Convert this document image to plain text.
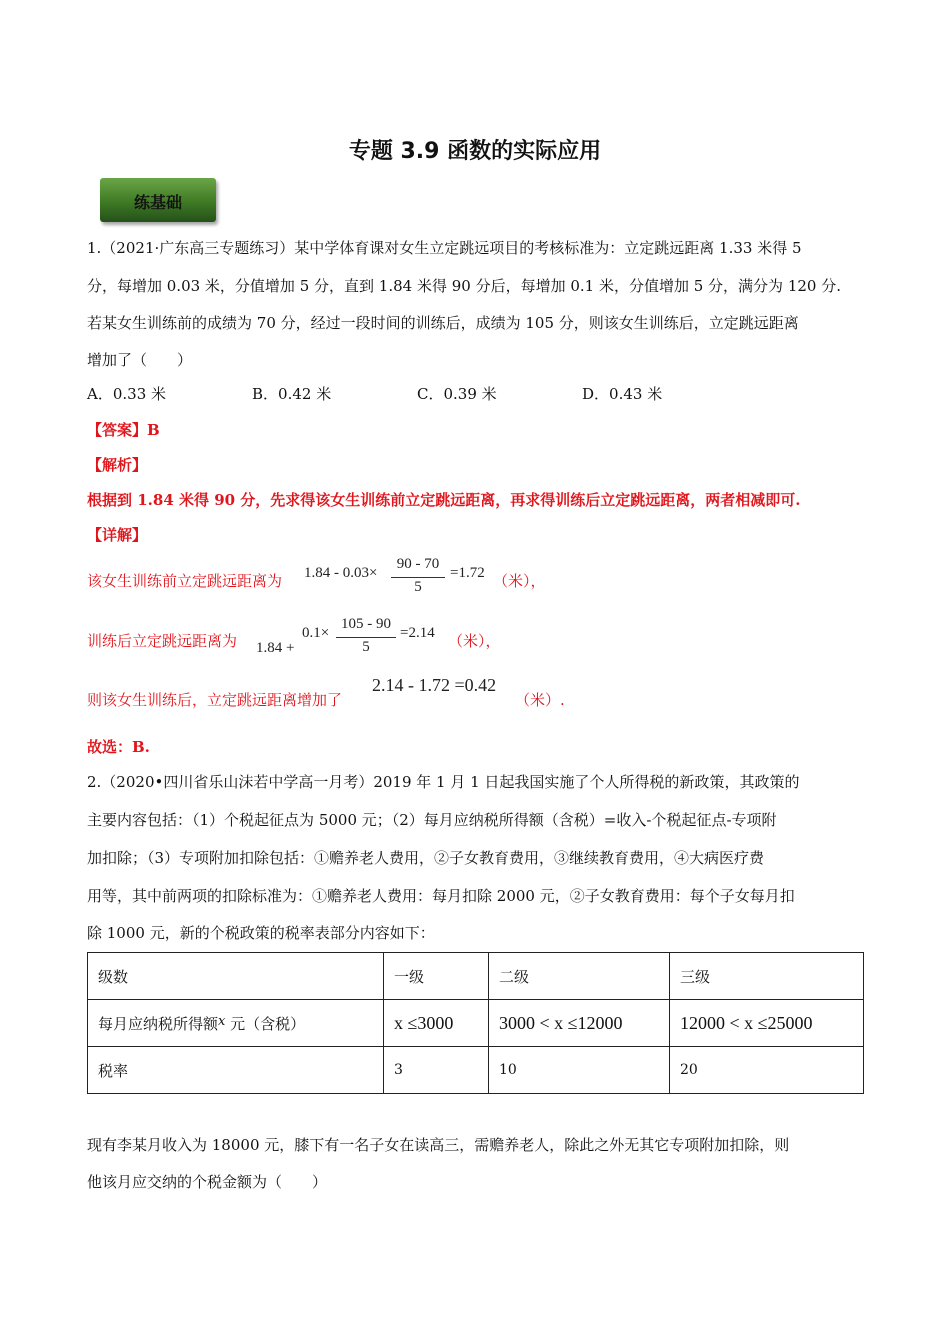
专题 3.9 函数的实际应用
练基础
1.（2021·广东高三专题练习）某中学体育课对女生立定跳远项目的考核标准为：立定跳远距离 1.33 米得 5
分，每增加 0.03 米，分值增加 5 分，直到 1.84 米得 90 分后，每增加 0.1 米，分值增加 5 分，满分为 120 分.
若某女生训练前的成绩为 70 分，经过一段时间的训练后，成绩为 105 分，则该女生训练后，立定跳远距离
增加了（　　）
A．0.33 米	B．0.42 米	C．0.39 米	D．0.43 米
【答案】B
【解析】
根据到 1.84 米得 90 分，先求得该女生训练前立定跳远距离，再求得训练后立定跳远距离，两者相减即可.
【详解】
该女生训练前立定跳远距离为 1.84 - 0.03×
90 - 70
5
=1.72 （米），
训练后立定跳远距离为 1.84 +
0.1×
105 - 90
5
=2.14 （米），
则该女生训练后，立定跳远距离增加了
2.14 - 1.72 =0.42
（米）.
故选：B.
2.（2020•四川省乐山沫若中学高一月考）2019 年 1 月 1 日起我国实施了个人所得税的新政策，其政策的
主要内容包括：（1）个税起征点为 5000 元；（2）每月应纳税所得额（含税）=收入-个税起征点-专项附
加扣除；（3）专项附加扣除包括：①赡养老人费用，②子女教育费用，③继续教育费用，④大病医疗费
用等，其中前两项的扣除标准为：①赡养老人费用：每月扣除 2000 元，②子女教育费用：每个子女每月扣
除 1000 元，新的个税政策的税率表部分内容如下：
级数	一级	二级	三级
每月应纳税所得额x 元（含税）	x ≤3000	3000 < x ≤12000	12000 < x ≤25000
税率	3	10	20
现有李某月收入为 18000 元，膝下有一名子女在读高三，需赡养老人，除此之外无其它专项附加扣除，则
他该月应交纳的个税金额为（　　）
